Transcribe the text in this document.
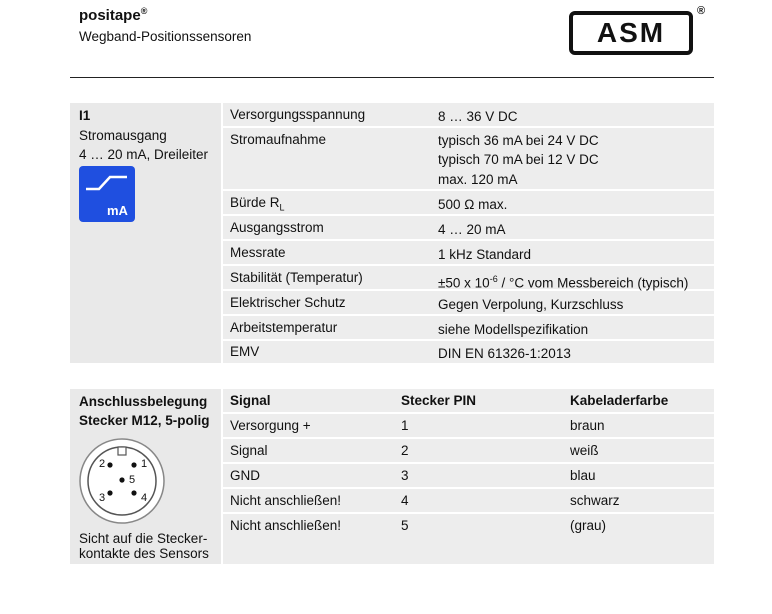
positape®
Wegband-Positionssensoren	ASM
®
I1
Stromausgang
4 … 20 mA, Dreileiter
mA
Versorgungsspannung	8 … 36 V DC
Stromaufnahme	typisch 36 mA bei 24 V DC
typisch 70 mA bei 12 V DC
max. 120 mA
Bürde $R_L$	500 Ω max.
Ausgangsstrom	4 … 20 mA
Messrate	1 kHz Standard
Stabilität (Temperatur)	±50 x $10^{-6} / ^\circ C$ vom Messbereich (typisch)
Elektrischer Schutz	Gegen Verpolung, Kurzschluss
Arbeitstemperatur	siehe Modellspezifikation
EMV	DIN EN 61326-1:2013
Anschlussbelegung
Stecker M12, 5-polig
1
2
3	4
5
Sicht auf die Stecker-
kontakte des Sensors
Signal	Stecker PIN	Kabeladerfarbe
Versorgung +	1	braun
Signal	2	weiß
GND	3	blau
Nicht anschließen!	4	schwarz
Nicht anschließen!	5	(grau)
